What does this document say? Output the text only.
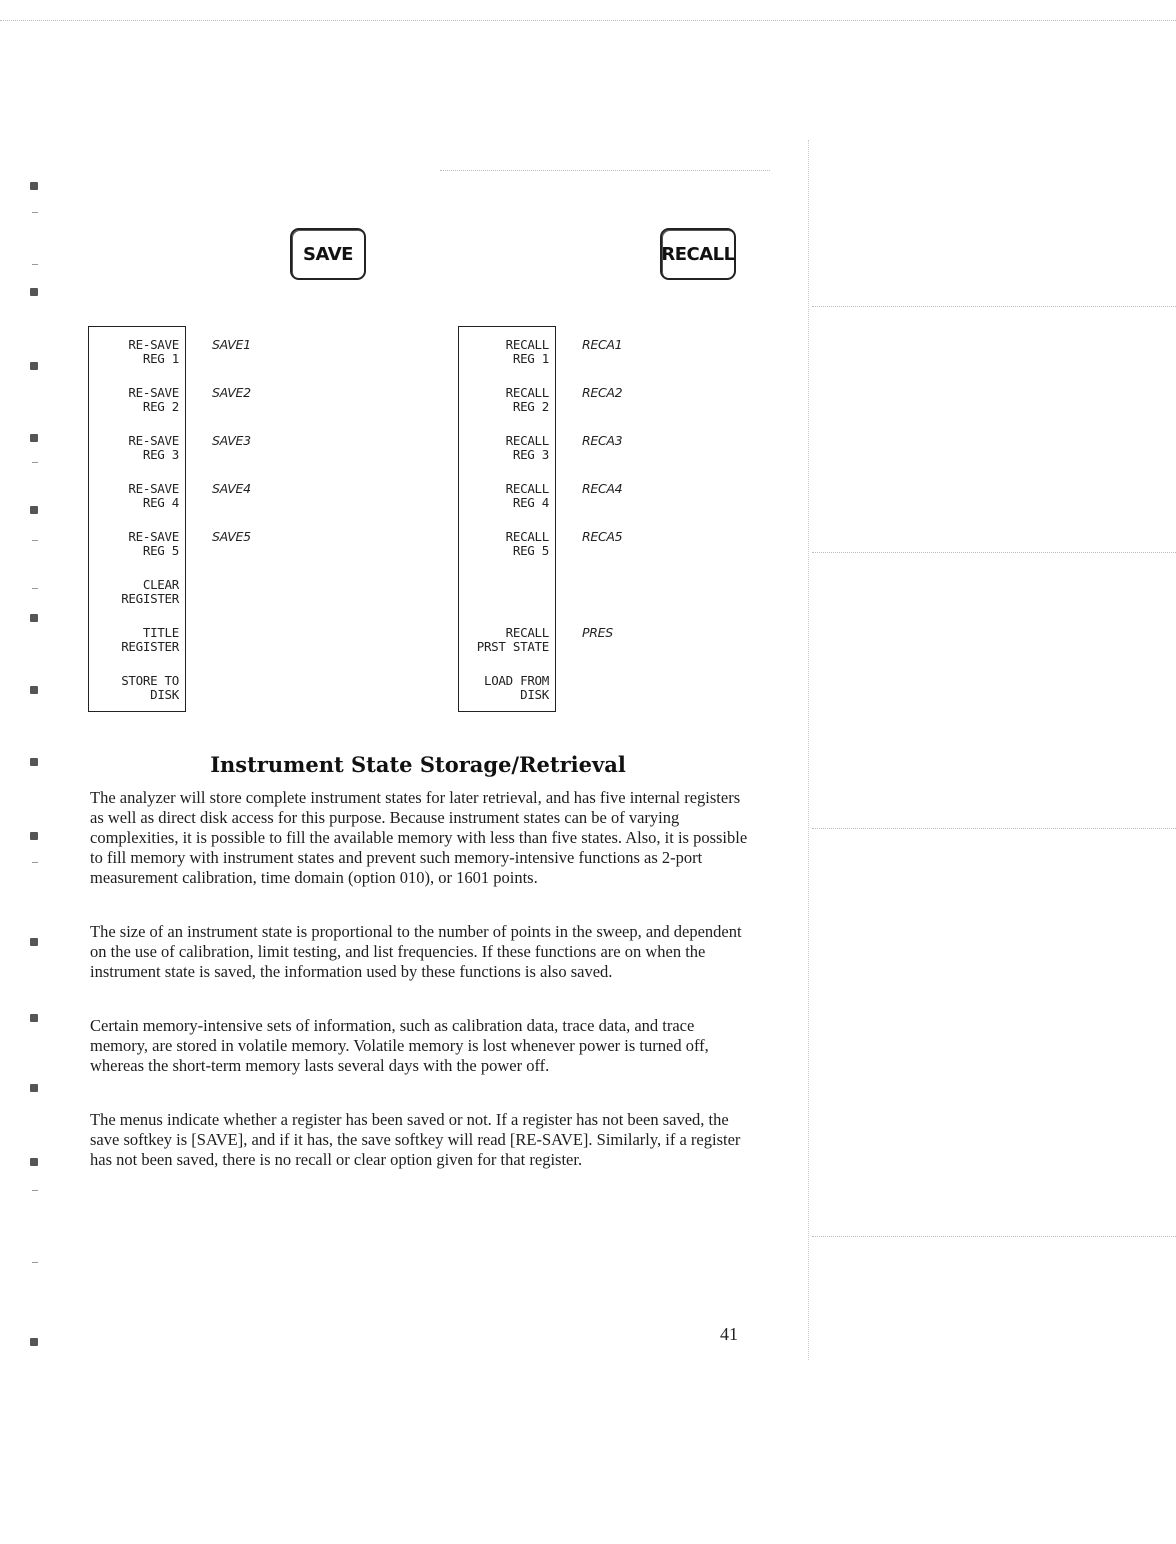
SAVE	RECALL
RE-SAVE
REG 1
RE-SAVE
REG 2
RE-SAVE
REG 3
RE-SAVE
REG 4
RE-SAVE
REG 5
CLEAR
REGISTER
TITLE
REGISTER
STORE TO
DISK
SAVE1
SAVE2
SAVE3
SAVE4
SAVE5
RECALL
REG 1
RECALL
REG 2
RECALL
REG 3
RECALL
REG 4
RECALL
REG 5
RECALL
PRST STATE
LOAD FROM
DISK
RECA1
RECA2
RECA3
RECA4
RECA5
PRES
Instrument State Storage/Retrieval

The analyzer will store complete instrument states for later retrieval, and has five internal registers as well as direct disk access for this purpose. Because instrument states can be of varying complexities, it is possible to fill the available memory with less than five states. Also, it is possible to fill memory with instrument states and prevent such memory-intensive functions as 2-port measurement calibration, time domain (option 010), or 1601 points.

The size of an instrument state is proportional to the number of points in the sweep, and dependent on the use of calibration, limit testing, and list frequencies. If these functions are on when the instrument state is saved, the information used by these functions is also saved.

Certain memory-intensive sets of information, such as calibration data, trace data, and trace memory, are stored in volatile memory. Volatile memory is lost whenever power is turned off, whereas the short-term memory lasts several days with the power off.

The menus indicate whether a register has been saved or not. If a register has not been saved, the save softkey is [SAVE], and if it has, the save softkey will read [RE-SAVE]. Similarly, if a register has not been saved, there is no recall or clear option given for that register.

41
